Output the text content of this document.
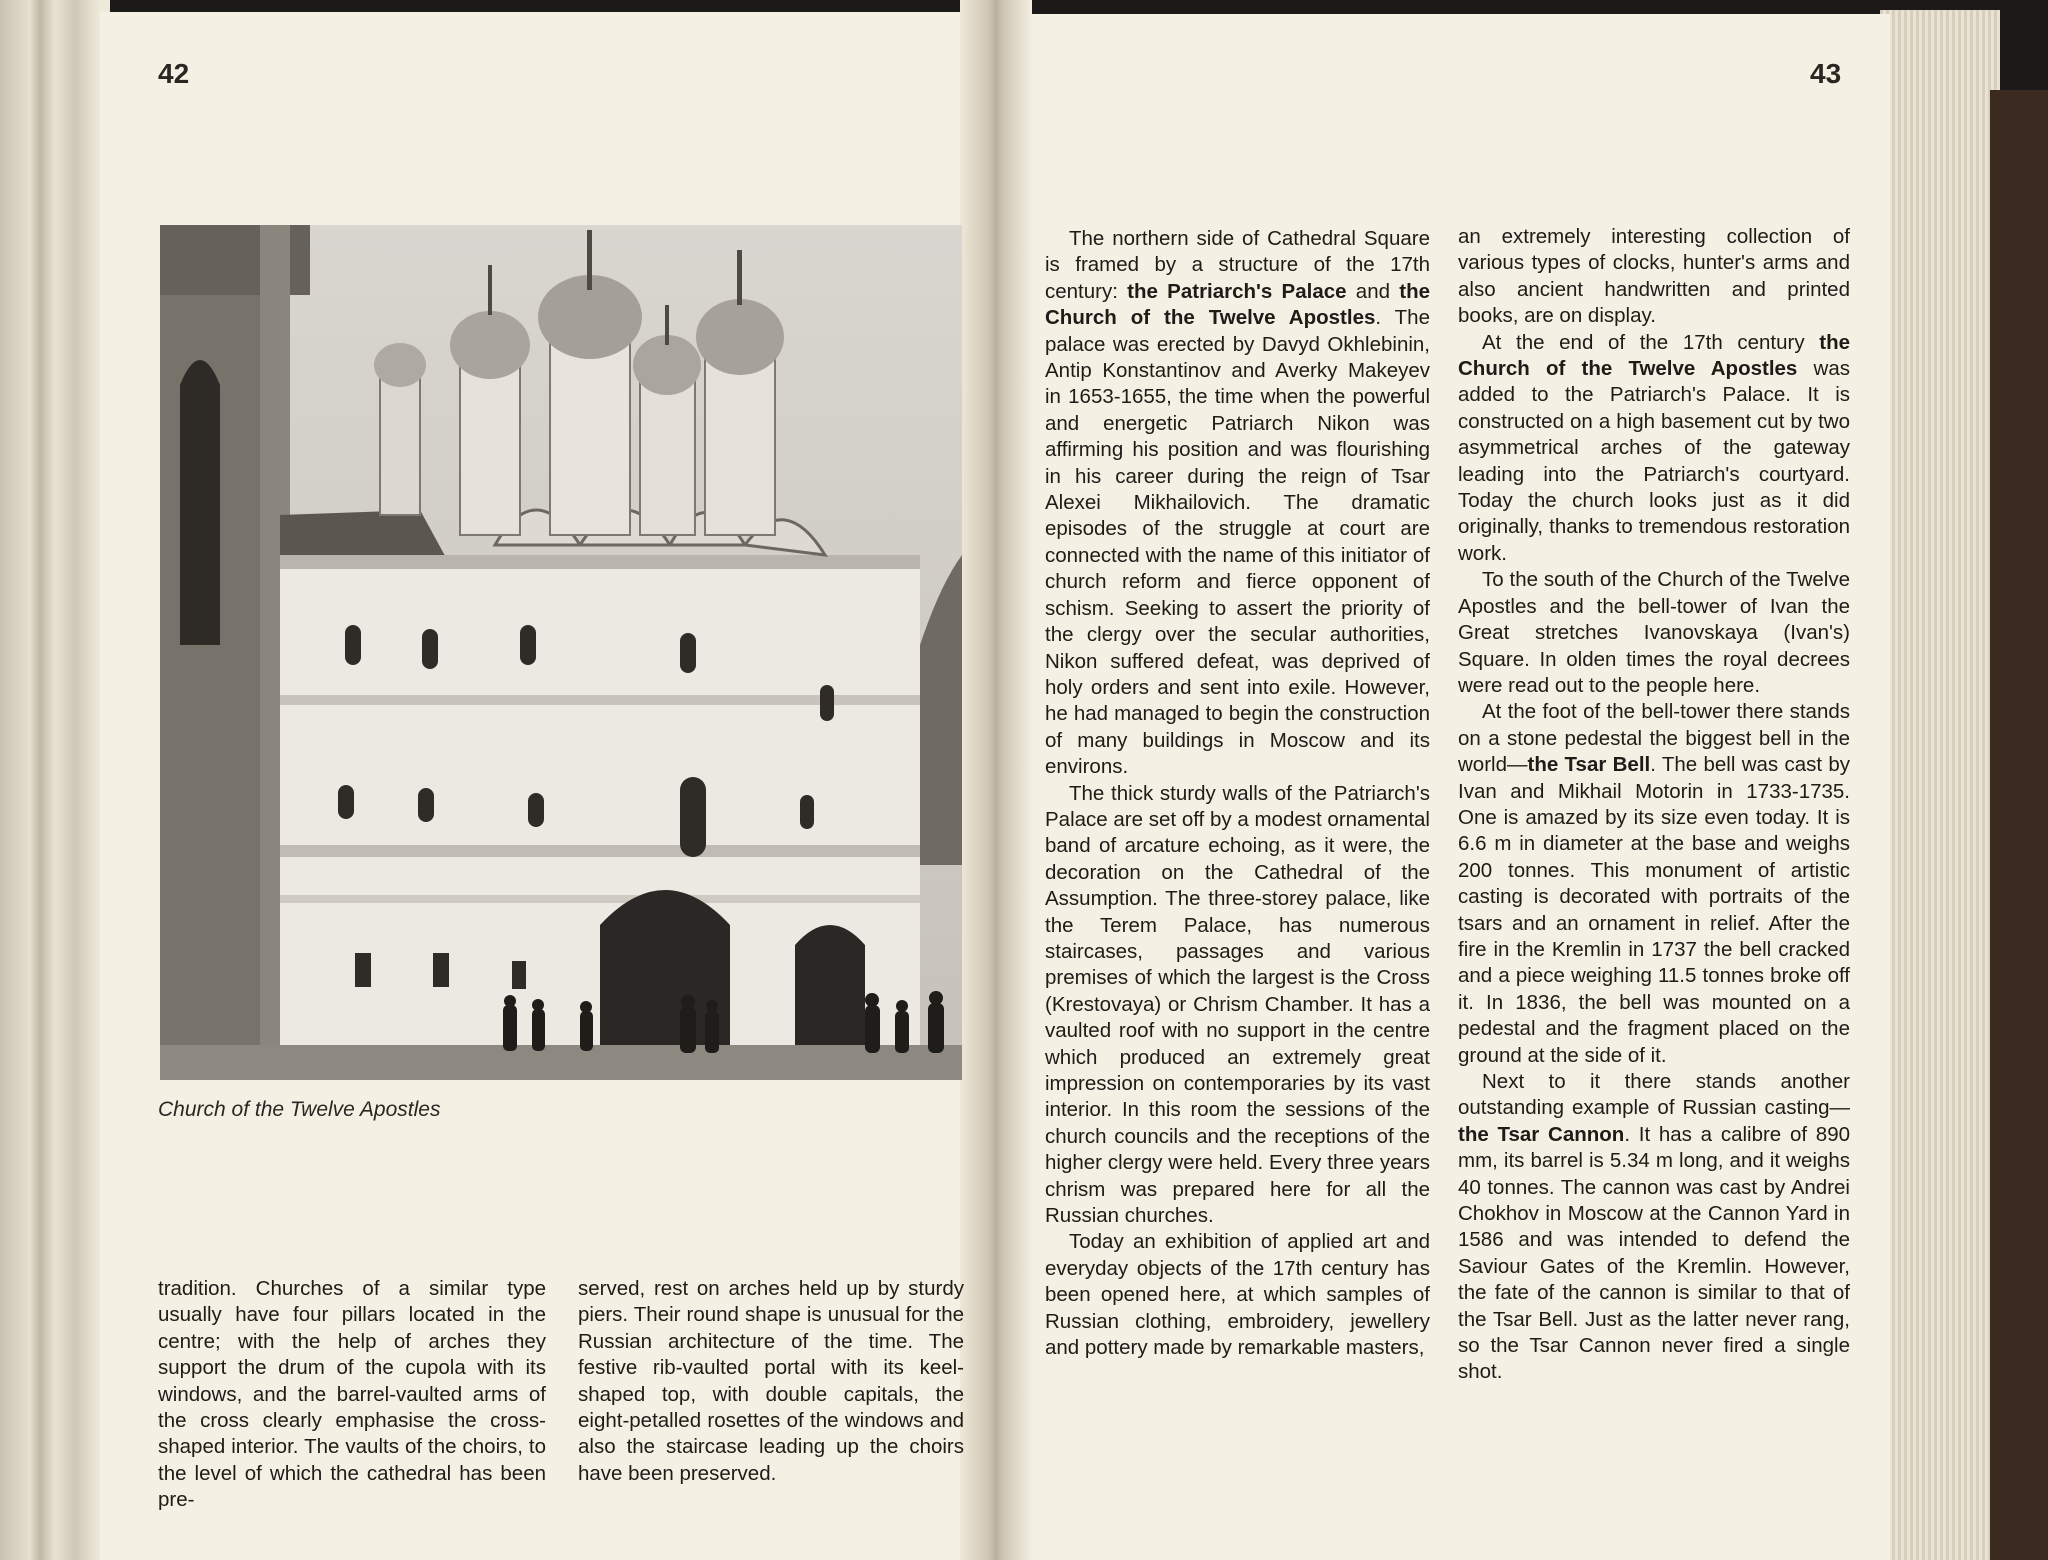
42	43
Church of the Twelve Apostles

tradition. Churches of a similar type usually have four pillars located in the centre; with the help of arches they support the drum of the cupola with its windows, and the barrel-vaulted arms of the cross clearly emphasise the cross-shaped interior. The vaults of the choirs, to the level of which the cathedral has been pre-

served, rest on arches held up by sturdy piers. Their round shape is unusual for the Russian architecture of the time. The festive rib-vaulted portal with its keel-shaped top, with double capitals, the eight-petalled rosettes of the windows and also the staircase leading up the choirs have been preserved.

The northern side of Cathedral Square is framed by a structure of the 17th century: the Patriarch's Palace and the Church of the Twelve Apostles. The palace was erected by Davyd Okhlebinin, Antip Konstantinov and Averky Makeyev in 1653-1655, the time when the powerful and energetic Patriarch Nikon was affirming his position and was flourishing in his career during the reign of Tsar Alexei Mikhailovich. The dramatic episodes of the struggle at court are connected with the name of this initiator of church reform and fierce opponent of schism. Seeking to assert the priority of the clergy over the secular authorities, Nikon suffered defeat, was deprived of holy orders and sent into exile. However, he had managed to begin the construction of many buildings in Moscow and its environs.

The thick sturdy walls of the Patriarch's Palace are set off by a modest ornamental band of arcature echoing, as it were, the decoration on the Cathedral of the Assumption. The three-storey palace, like the Terem Palace, has numerous staircases, passages and various premises of which the largest is the Cross (Krestovaya) or Chrism Chamber. It has a vaulted roof with no support in the centre which produced an extremely great impression on contemporaries by its vast interior. In this room the sessions of the church councils and the receptions of the higher clergy were held. Every three years chrism was prepared here for all the Russian churches.

Today an exhibition of applied art and everyday objects of the 17th century has been opened here, at which samples of Russian clothing, embroidery, jewellery and pottery made by remarkable masters,

an extremely interesting collection of various types of clocks, hunter's arms and also ancient handwritten and printed books, are on display.

At the end of the 17th century the Church of the Twelve Apostles was added to the Patriarch's Palace. It is constructed on a high basement cut by two asymmetrical arches of the gateway leading into the Patriarch's courtyard. Today the church looks just as it did originally, thanks to tremendous restoration work.

To the south of the Church of the Twelve Apostles and the bell-tower of Ivan the Great stretches Ivanovskaya (Ivan's) Square. In olden times the royal decrees were read out to the people here.

At the foot of the bell-tower there stands on a stone pedestal the biggest bell in the world—the Tsar Bell. The bell was cast by Ivan and Mikhail Motorin in 1733-1735. One is amazed by its size even today. It is 6.6 m in diameter at the base and weighs 200 tonnes. This monument of artistic casting is decorated with portraits of the tsars and an ornament in relief. After the fire in the Kremlin in 1737 the bell cracked and a piece weighing 11.5 tonnes broke off it. In 1836, the bell was mounted on a pedestal and the fragment placed on the ground at the side of it.

Next to it there stands another outstanding example of Russian casting—the Tsar Cannon. It has a calibre of 890 mm, its barrel is 5.34 m long, and it weighs 40 tonnes. The cannon was cast by Andrei Chokhov in Moscow at the Cannon Yard in 1586 and was intended to defend the Saviour Gates of the Kremlin. However, the fate of the cannon is similar to that of the Tsar Bell. Just as the latter never rang, so the Tsar Cannon never fired a single shot.
